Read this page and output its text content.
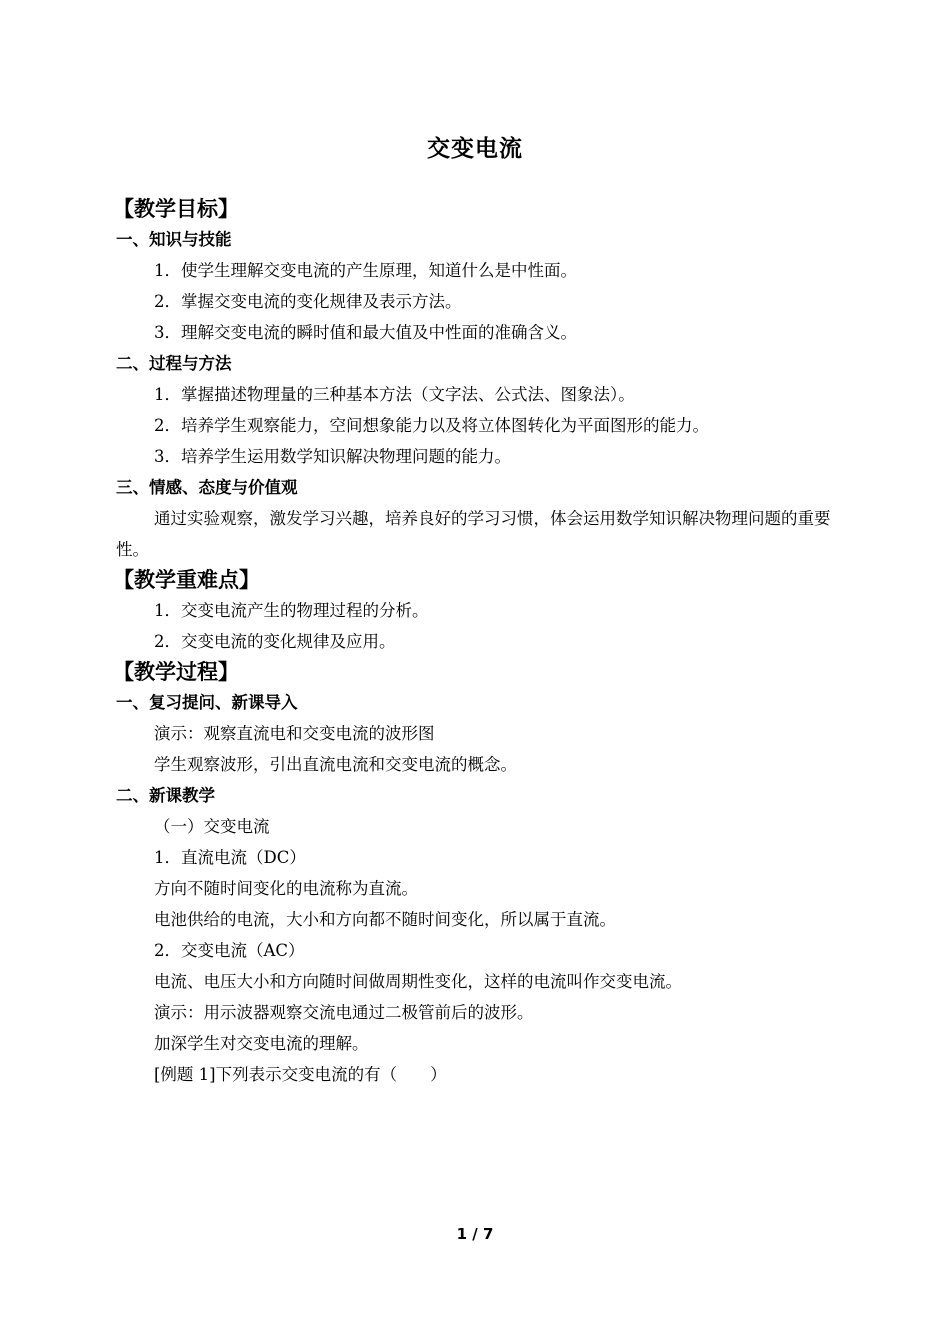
交变电流
【教学目标】
一、知识与技能
1．使学生理解交变电流的产生原理，知道什么是中性面。
2．掌握交变电流的变化规律及表示方法。
3．理解交变电流的瞬时值和最大值及中性面的准确含义。
二、过程与方法
1．掌握描述物理量的三种基本方法（文字法、公式法、图象法）。
2．培养学生观察能力，空间想象能力以及将立体图转化为平面图形的能力。
3．培养学生运用数学知识解决物理问题的能力。
三、情感、态度与价值观
通过实验观察，激发学习兴趣，培养良好的学习习惯，体会运用数学知识解决物理问题的重要性。
【教学重难点】
1．交变电流产生的物理过程的分析。
2．交变电流的变化规律及应用。
【教学过程】
一、复习提问、新课导入
演示：观察直流电和交变电流的波形图
学生观察波形，引出直流电流和交变电流的概念。
二、新课教学
（一）交变电流
1．直流电流（DC）
方向不随时间变化的电流称为直流。
电池供给的电流，大小和方向都不随时间变化，所以属于直流。
2．交变电流（AC）
电流、电压大小和方向随时间做周期性变化，这样的电流叫作交变电流。
演示：用示波器观察交流电通过二极管前后的波形。
加深学生对交变电流的理解。
[例题 1]下列表示交变电流的有（　　）
1 / 7
